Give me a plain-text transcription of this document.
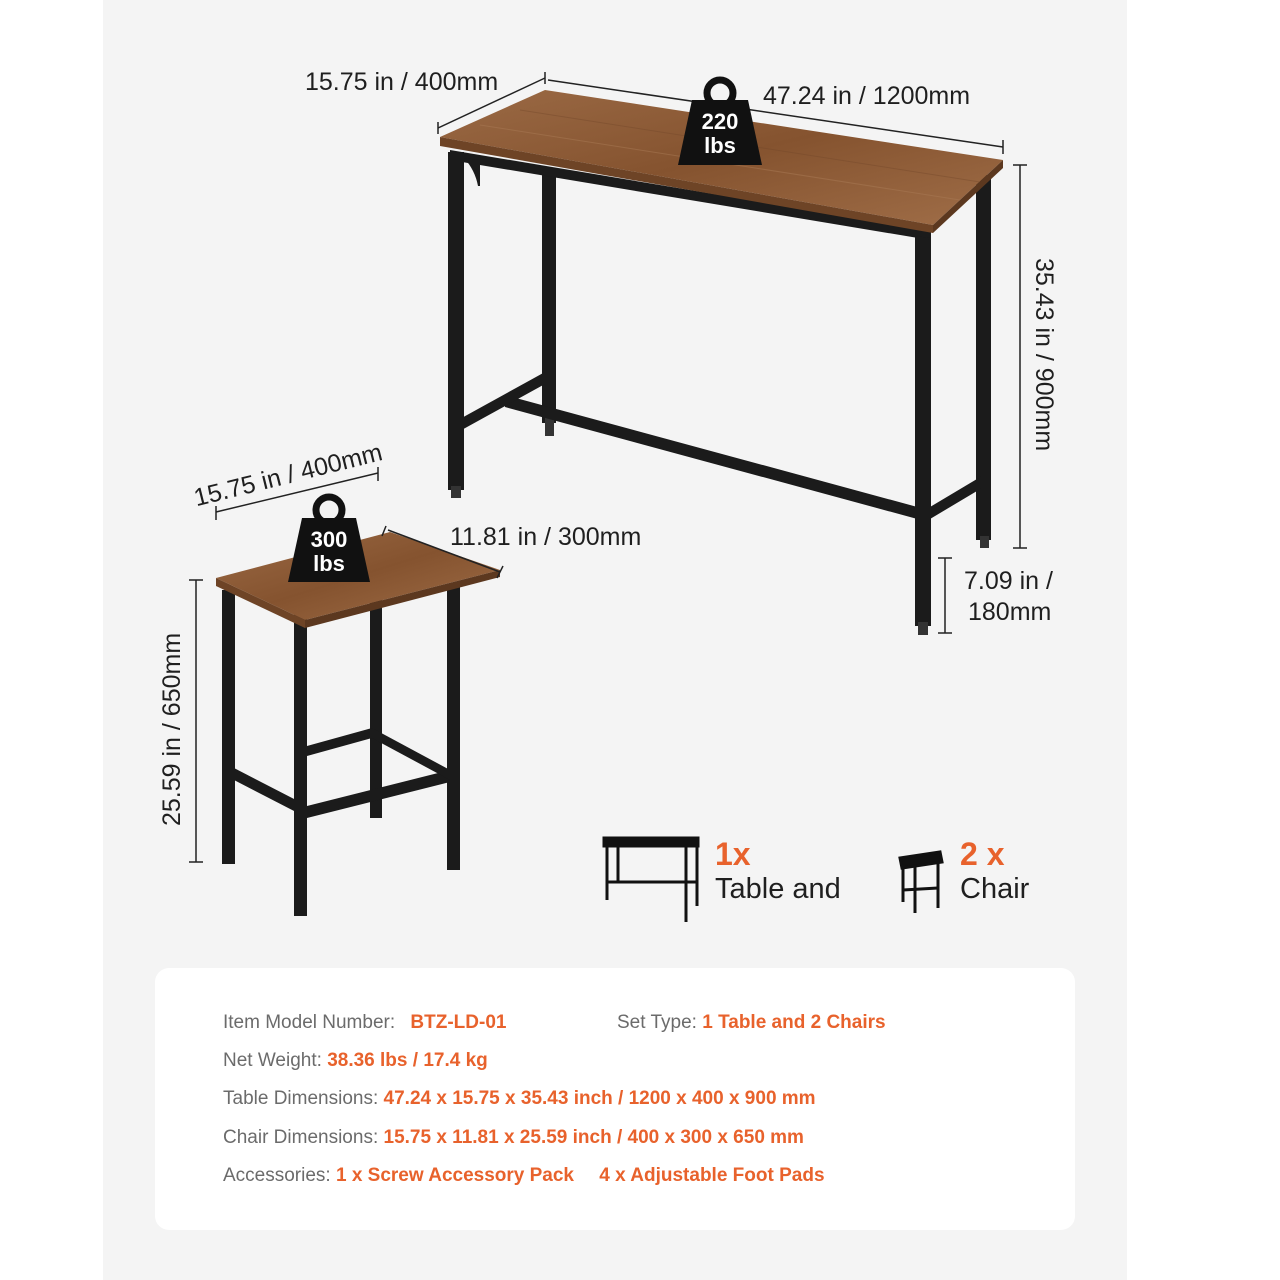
15.75 in / 400mm	47.24 in / 1200mm
35.43 in / 900mm
7.09 in /
180mm
15.75 in / 400mm
11.81 in / 300mm
25.59 in / 650mm
220
lbs
300
lbs
1x
Table and
2 x
Chair
Item Model Number: BTZ-LD-01	Set Type: 1 Table and 2 Chairs
Net Weight: 38.36 lbs / 17.4 kg
Table Dimensions: 47.24 x 15.75 x 35.43 inch / 1200 x 400 x 900 mm
Chair Dimensions: 15.75 x 11.81 x 25.59 inch / 400 x 300 x 650 mm
Accessories: 1 x Screw Accessory Pack 4 x Adjustable Foot Pads
